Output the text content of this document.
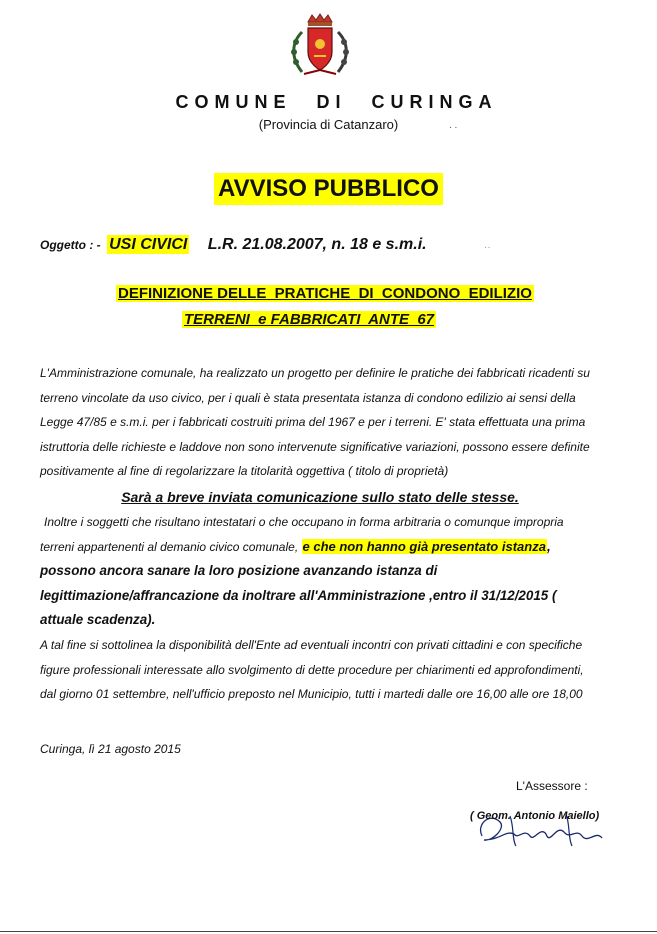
COMUNE DI CURINGA
(Provincia di Catanzaro)	. .
AVVISO PUBBLICO
Oggetto : - USI CIVICI L.R. 21.08.2007, n. 18 e s.m.i.	··
DEFINIZIONE DELLE  PRATICHE  DI  CONDONO  EDILIZIO
TERRENI  e FABBRICATI  ANTE  67

L'Amministrazione comunale, ha realizzato un progetto per definire le pratiche dei fabbricati ricadenti su terreno vincolate da uso civico, per i quali è stata presentata istanza di condono edilizio ai sensi della Legge 47/85 e s.m.i. per i fabbricati costruiti prima del 1967 e per i terreni. E' stata effettuata una prima istruttoria delle richieste e laddove non sono intervenute significative variazioni, possono essere definite positivamente al fine di regolarizzare la titolarità oggettiva ( titolo di proprietà)

Sarà a breve inviata comunicazione sullo stato delle stesse.

Inoltre i soggetti che risultano intestatari o che occupano in forma arbitraria o comunque impropria terreni appartenenti al demanio civico comunale, e che non hanno già presentato istanza, possono ancora sanare la loro posizione avanzando istanza di legittimazione/affrancazione da inoltrare all'Amministrazione ,entro il 31/12/2015 ( attuale scadenza).

A tal fine si sottolinea la disponibilità dell'Ente ad eventuali incontri con privati cittadini e con specifiche figure professionali interessate allo svolgimento di dette procedure per chiarimenti ed approfondimenti, dal giorno 01 settembre, nell'ufficio preposto nel Municipio, tutti i martedi dalle ore 16,00 alle ore 18,00

Curinga, lì 21 agosto 2015
L'Assessore :
( Geom. Antonio Maiello)
